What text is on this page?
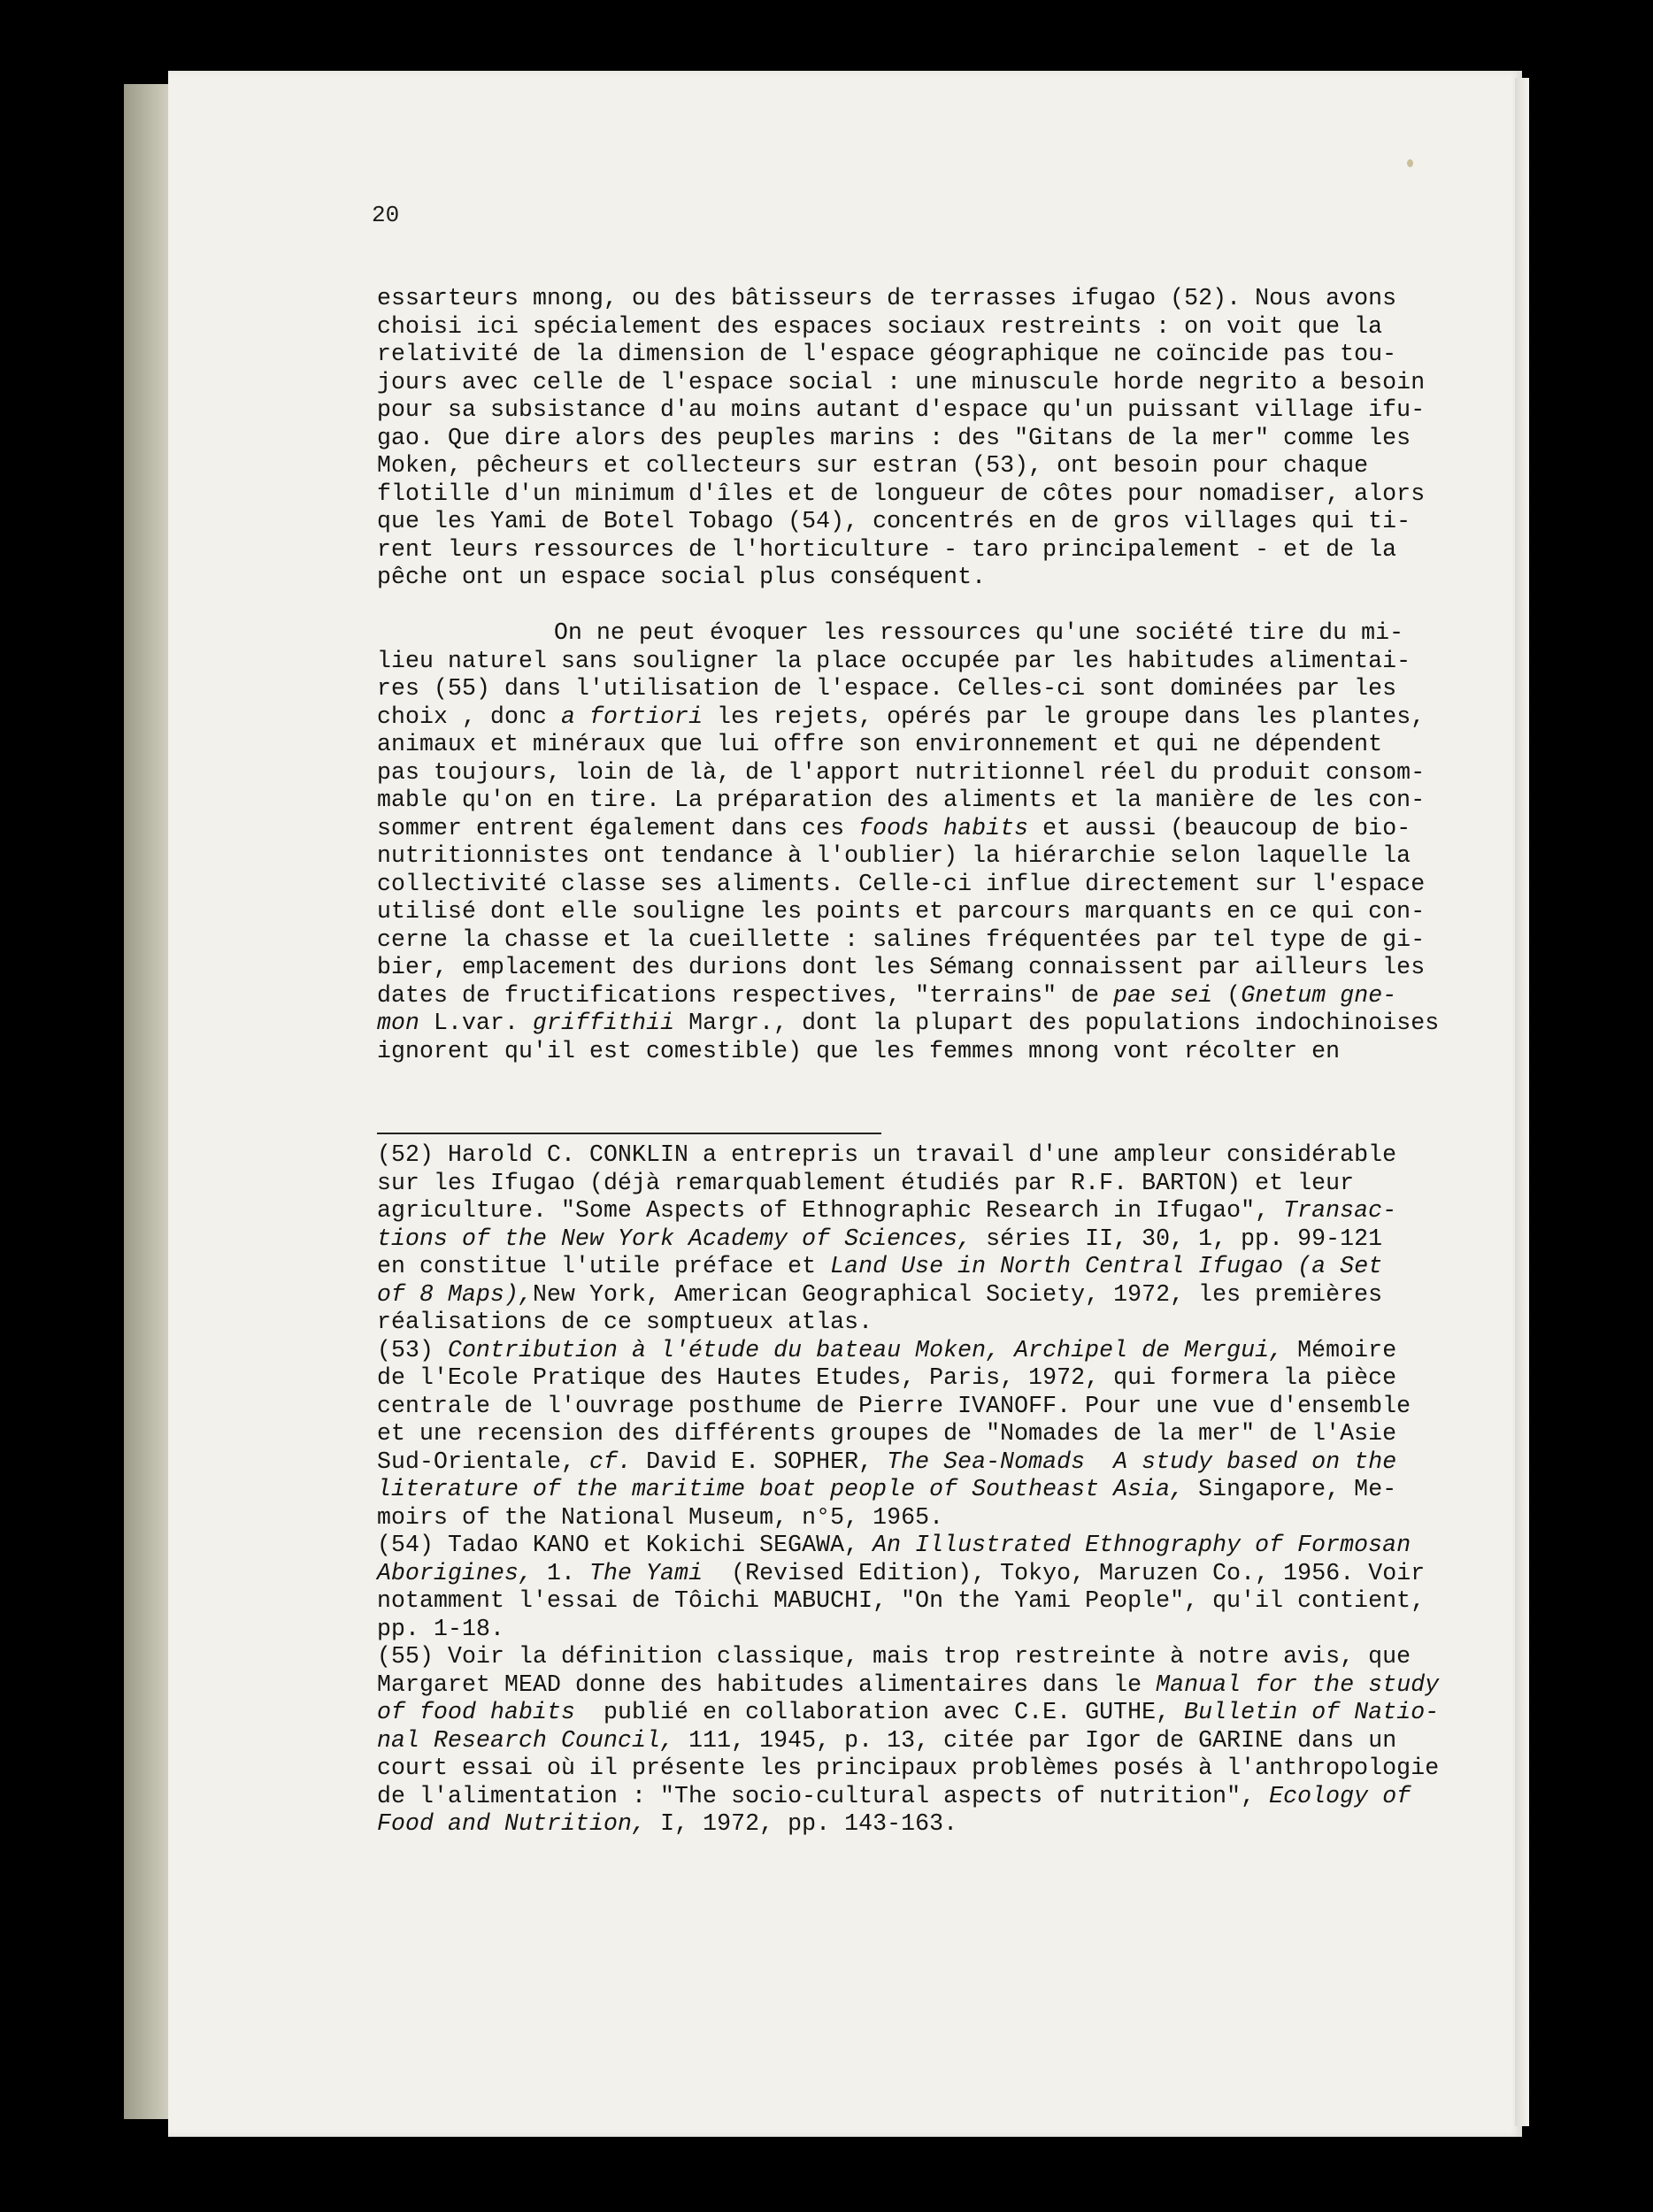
20
essarteurs mnong, ou des bâtisseurs de terrasses ifugao (52). Nous avons
choisi ici spécialement des espaces sociaux restreints : on voit que la
relativité de la dimension de l'espace géographique ne coïncide pas tou-
jours avec celle de l'espace social : une minuscule horde negrito a besoin
pour sa subsistance d'au moins autant d'espace qu'un puissant village ifu-
gao. Que dire alors des peuples marins : des "Gitans de la mer" comme les
Moken, pêcheurs et collecteurs sur estran (53), ont besoin pour chaque
flotille d'un minimum d'îles et de longueur de côtes pour nomadiser, alors
que les Yami de Botel Tobago (54), concentrés en de gros villages qui ti-
rent leurs ressources de l'horticulture - taro principalement - et de la
pêche ont un espace social plus conséquent.
On ne peut évoquer les ressources qu'une société tire du mi-
lieu naturel sans souligner la place occupée par les habitudes alimentai-
res (55) dans l'utilisation de l'espace. Celles-ci sont dominées par les
choix , donc a fortiori les rejets, opérés par le groupe dans les plantes,
animaux et minéraux que lui offre son environnement et qui ne dépendent
pas toujours, loin de là, de l'apport nutritionnel réel du produit consom-
mable qu'on en tire. La préparation des aliments et la manière de les con-
sommer entrent également dans ces foods habits et aussi (beaucoup de bio-
nutritionnistes ont tendance à l'oublier) la hiérarchie selon laquelle la
collectivité classe ses aliments. Celle-ci influe directement sur l'espace
utilisé dont elle souligne les points et parcours marquants en ce qui con-
cerne la chasse et la cueillette : salines fréquentées par tel type de gi-
bier, emplacement des durions dont les Sémang connaissent par ailleurs les
dates de fructifications respectives, "terrains" de pae sei (Gnetum gne-
mon L.var. griffithii Margr., dont la plupart des populations indochinoises
ignorent qu'il est comestible) que les femmes mnong vont récolter en
(52) Harold C. CONKLIN a entrepris un travail d'une ampleur considérable
sur les Ifugao (déjà remarquablement étudiés par R.F. BARTON) et leur
agriculture. "Some Aspects of Ethnographic Research in Ifugao", Transac-
tions of the New York Academy of Sciences, séries II, 30, 1, pp. 99-121
en constitue l'utile préface et Land Use in North Central Ifugao (a Set
of 8 Maps),New York, American Geographical Society, 1972, les premières
réalisations de ce somptueux atlas.
(53) Contribution à l'étude du bateau Moken, Archipel de Mergui, Mémoire
de l'Ecole Pratique des Hautes Etudes, Paris, 1972, qui formera la pièce
centrale de l'ouvrage posthume de Pierre IVANOFF. Pour une vue d'ensemble
et une recension des différents groupes de "Nomades de la mer" de l'Asie
Sud-Orientale, cf. David E. SOPHER, The Sea-Nomads  A study based on the
literature of the maritime boat people of Southeast Asia, Singapore, Me-
moirs of the National Museum, n°5, 1965.
(54) Tadao KANO et Kokichi SEGAWA, An Illustrated Ethnography of Formosan
Aborigines, 1. The Yami  (Revised Edition), Tokyo, Maruzen Co., 1956. Voir
notamment l'essai de Tôichi MABUCHI, "On the Yami People", qu'il contient,
pp. 1-18.
(55) Voir la définition classique, mais trop restreinte à notre avis, que
Margaret MEAD donne des habitudes alimentaires dans le Manual for the study
of food habits  publié en collaboration avec C.E. GUTHE, Bulletin of Natio-
nal Research Council, 111, 1945, p. 13, citée par Igor de GARINE dans un
court essai où il présente les principaux problèmes posés à l'anthropologie
de l'alimentation : "The socio-cultural aspects of nutrition", Ecology of
Food and Nutrition, I, 1972, pp. 143-163.
